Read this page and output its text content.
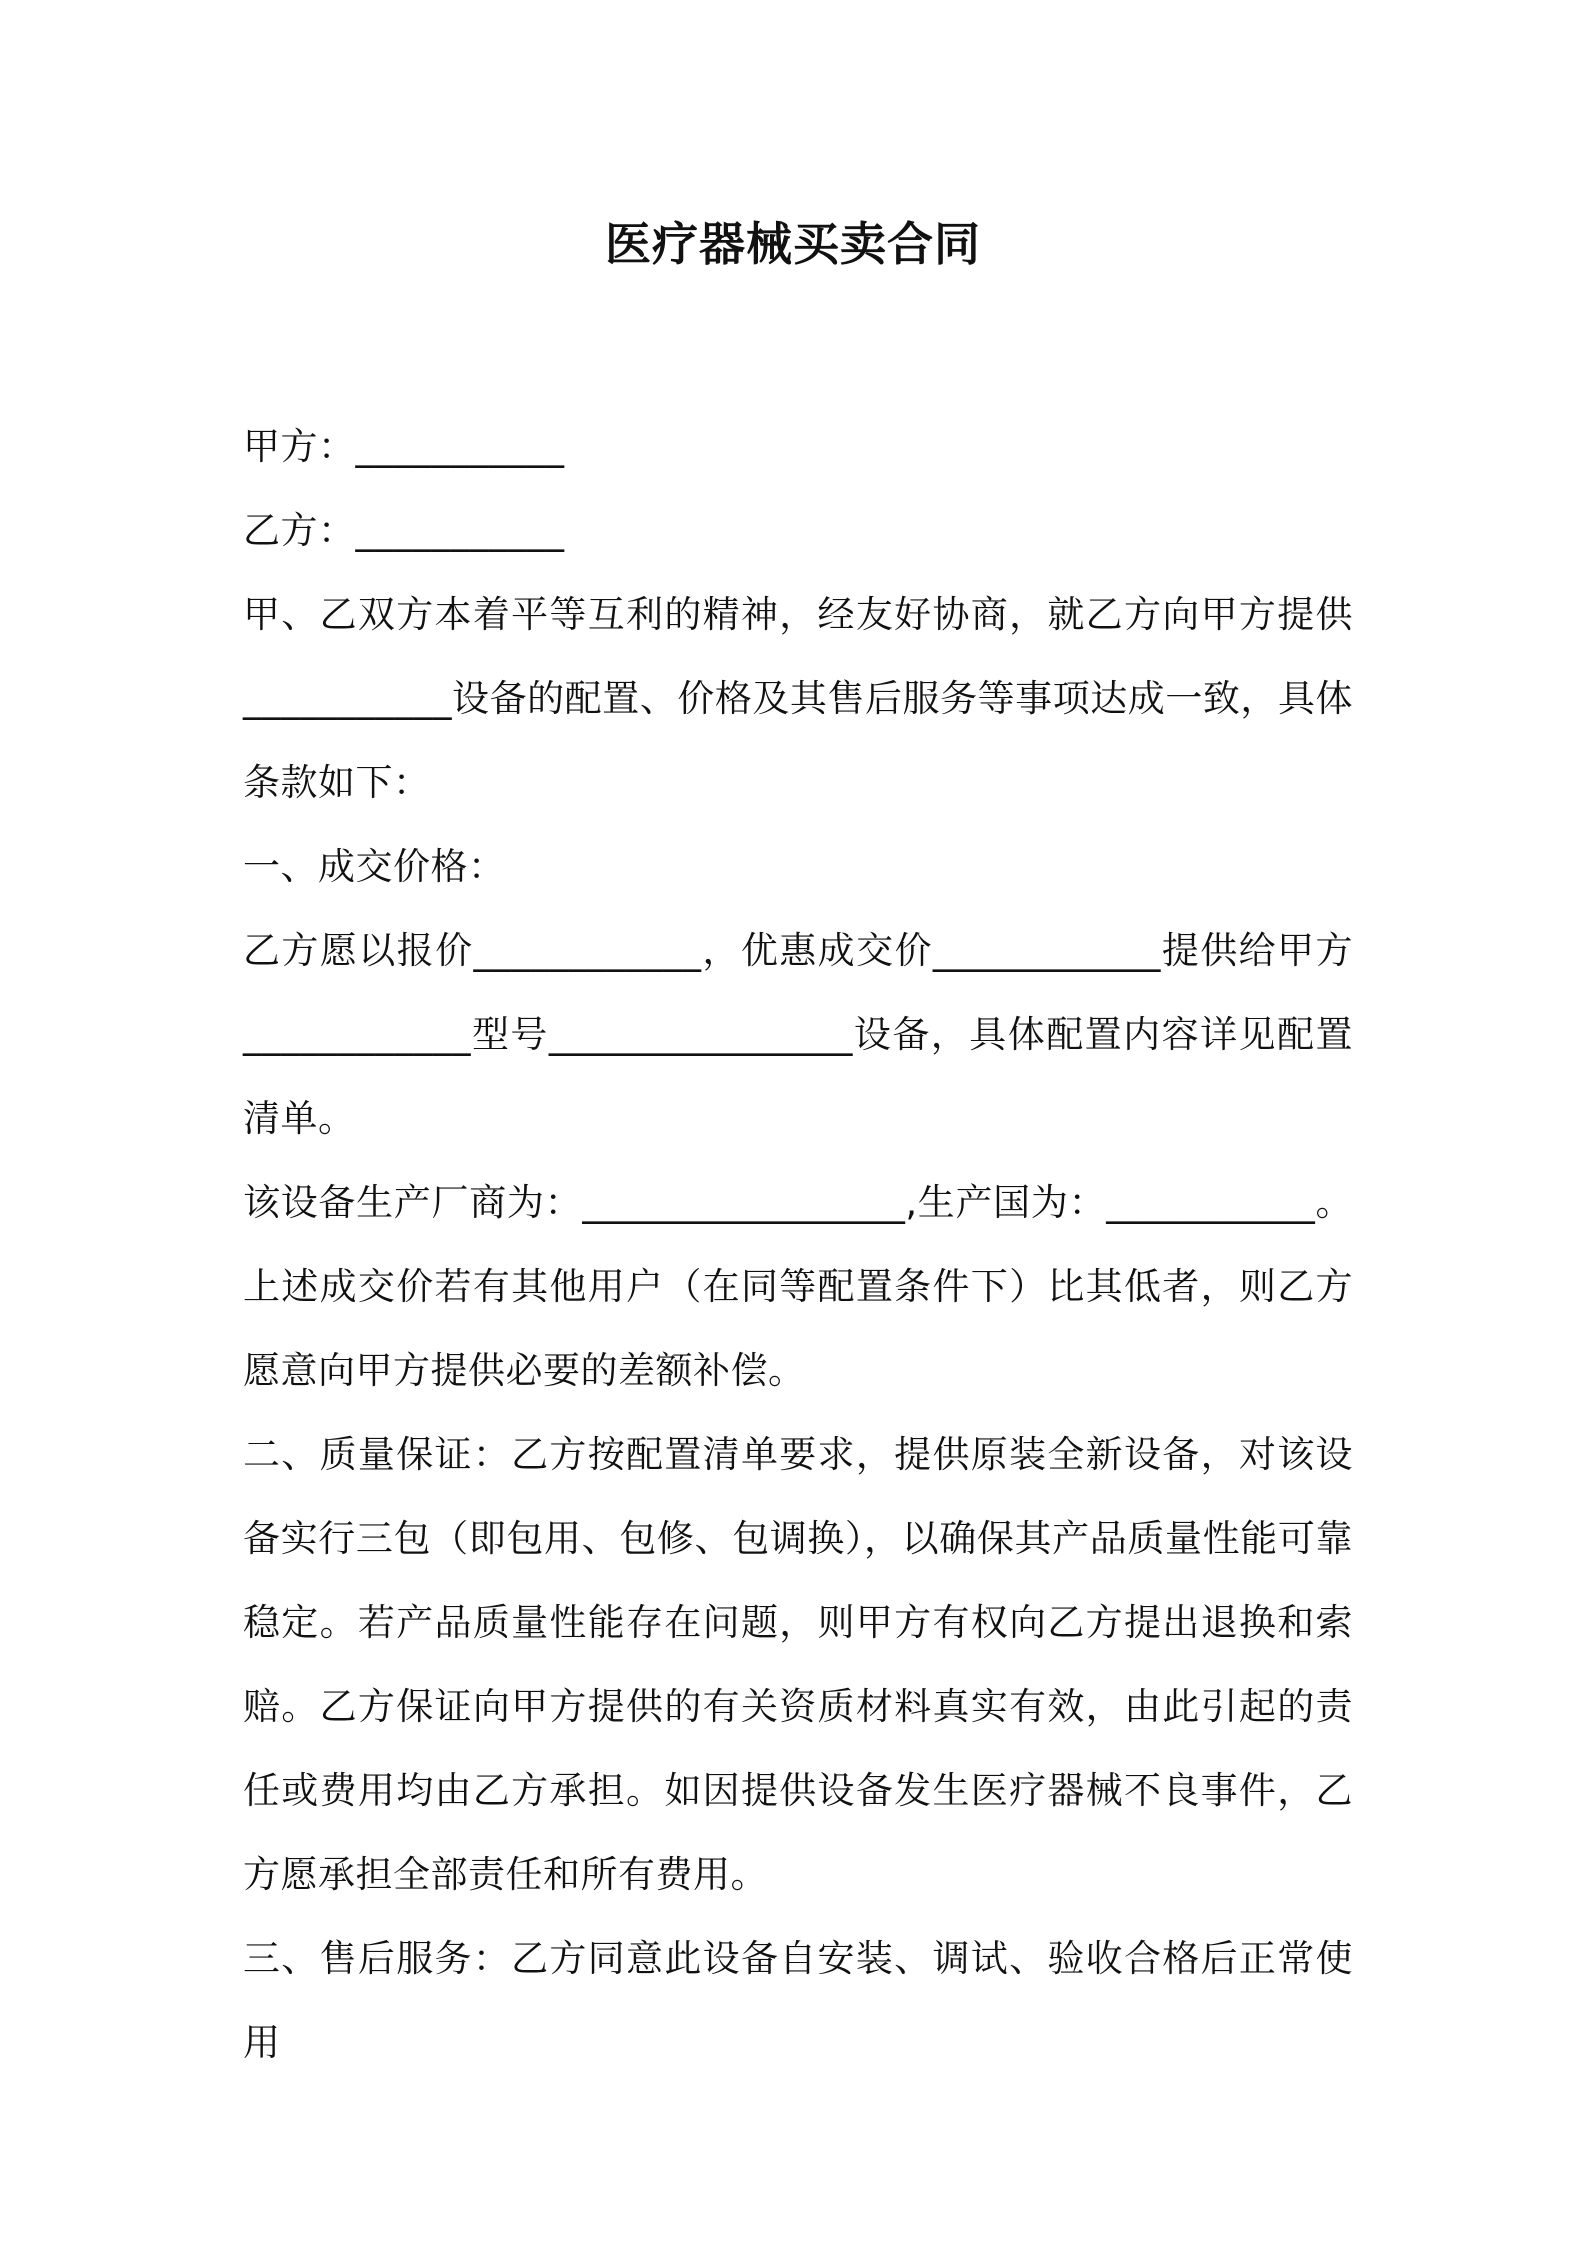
医疗器械买卖合同

甲方：___________

乙方：___________

甲、乙双方本着平等互利的精神，经友好协商，就乙方向甲方提供___________设备的配置、价格及其售后服务等事项达成一致，具体条款如下：

一、成交价格：

乙方愿以报价____________，优惠成交价____________提供给甲方____________型号________________设备，具体配置内容详见配置清单。

该设备生产厂商为：_________________,生产国为：___________。上述成交价若有其他用户（在同等配置条件下）比其低者，则乙方愿意向甲方提供必要的差额补偿。

二、质量保证：乙方按配置清单要求，提供原装全新设备，对该设备实行三包（即包用、包修、包调换），以确保其产品质量性能可靠稳定。若产品质量性能存在问题，则甲方有权向乙方提出退换和索赔。乙方保证向甲方提供的有关资质材料真实有效，由此引起的责任或费用均由乙方承担。如因提供设备发生医疗器械不良事件，乙方愿承担全部责任和所有费用。

三、售后服务：乙方同意此设备自安装、调试、验收合格后正常使用
